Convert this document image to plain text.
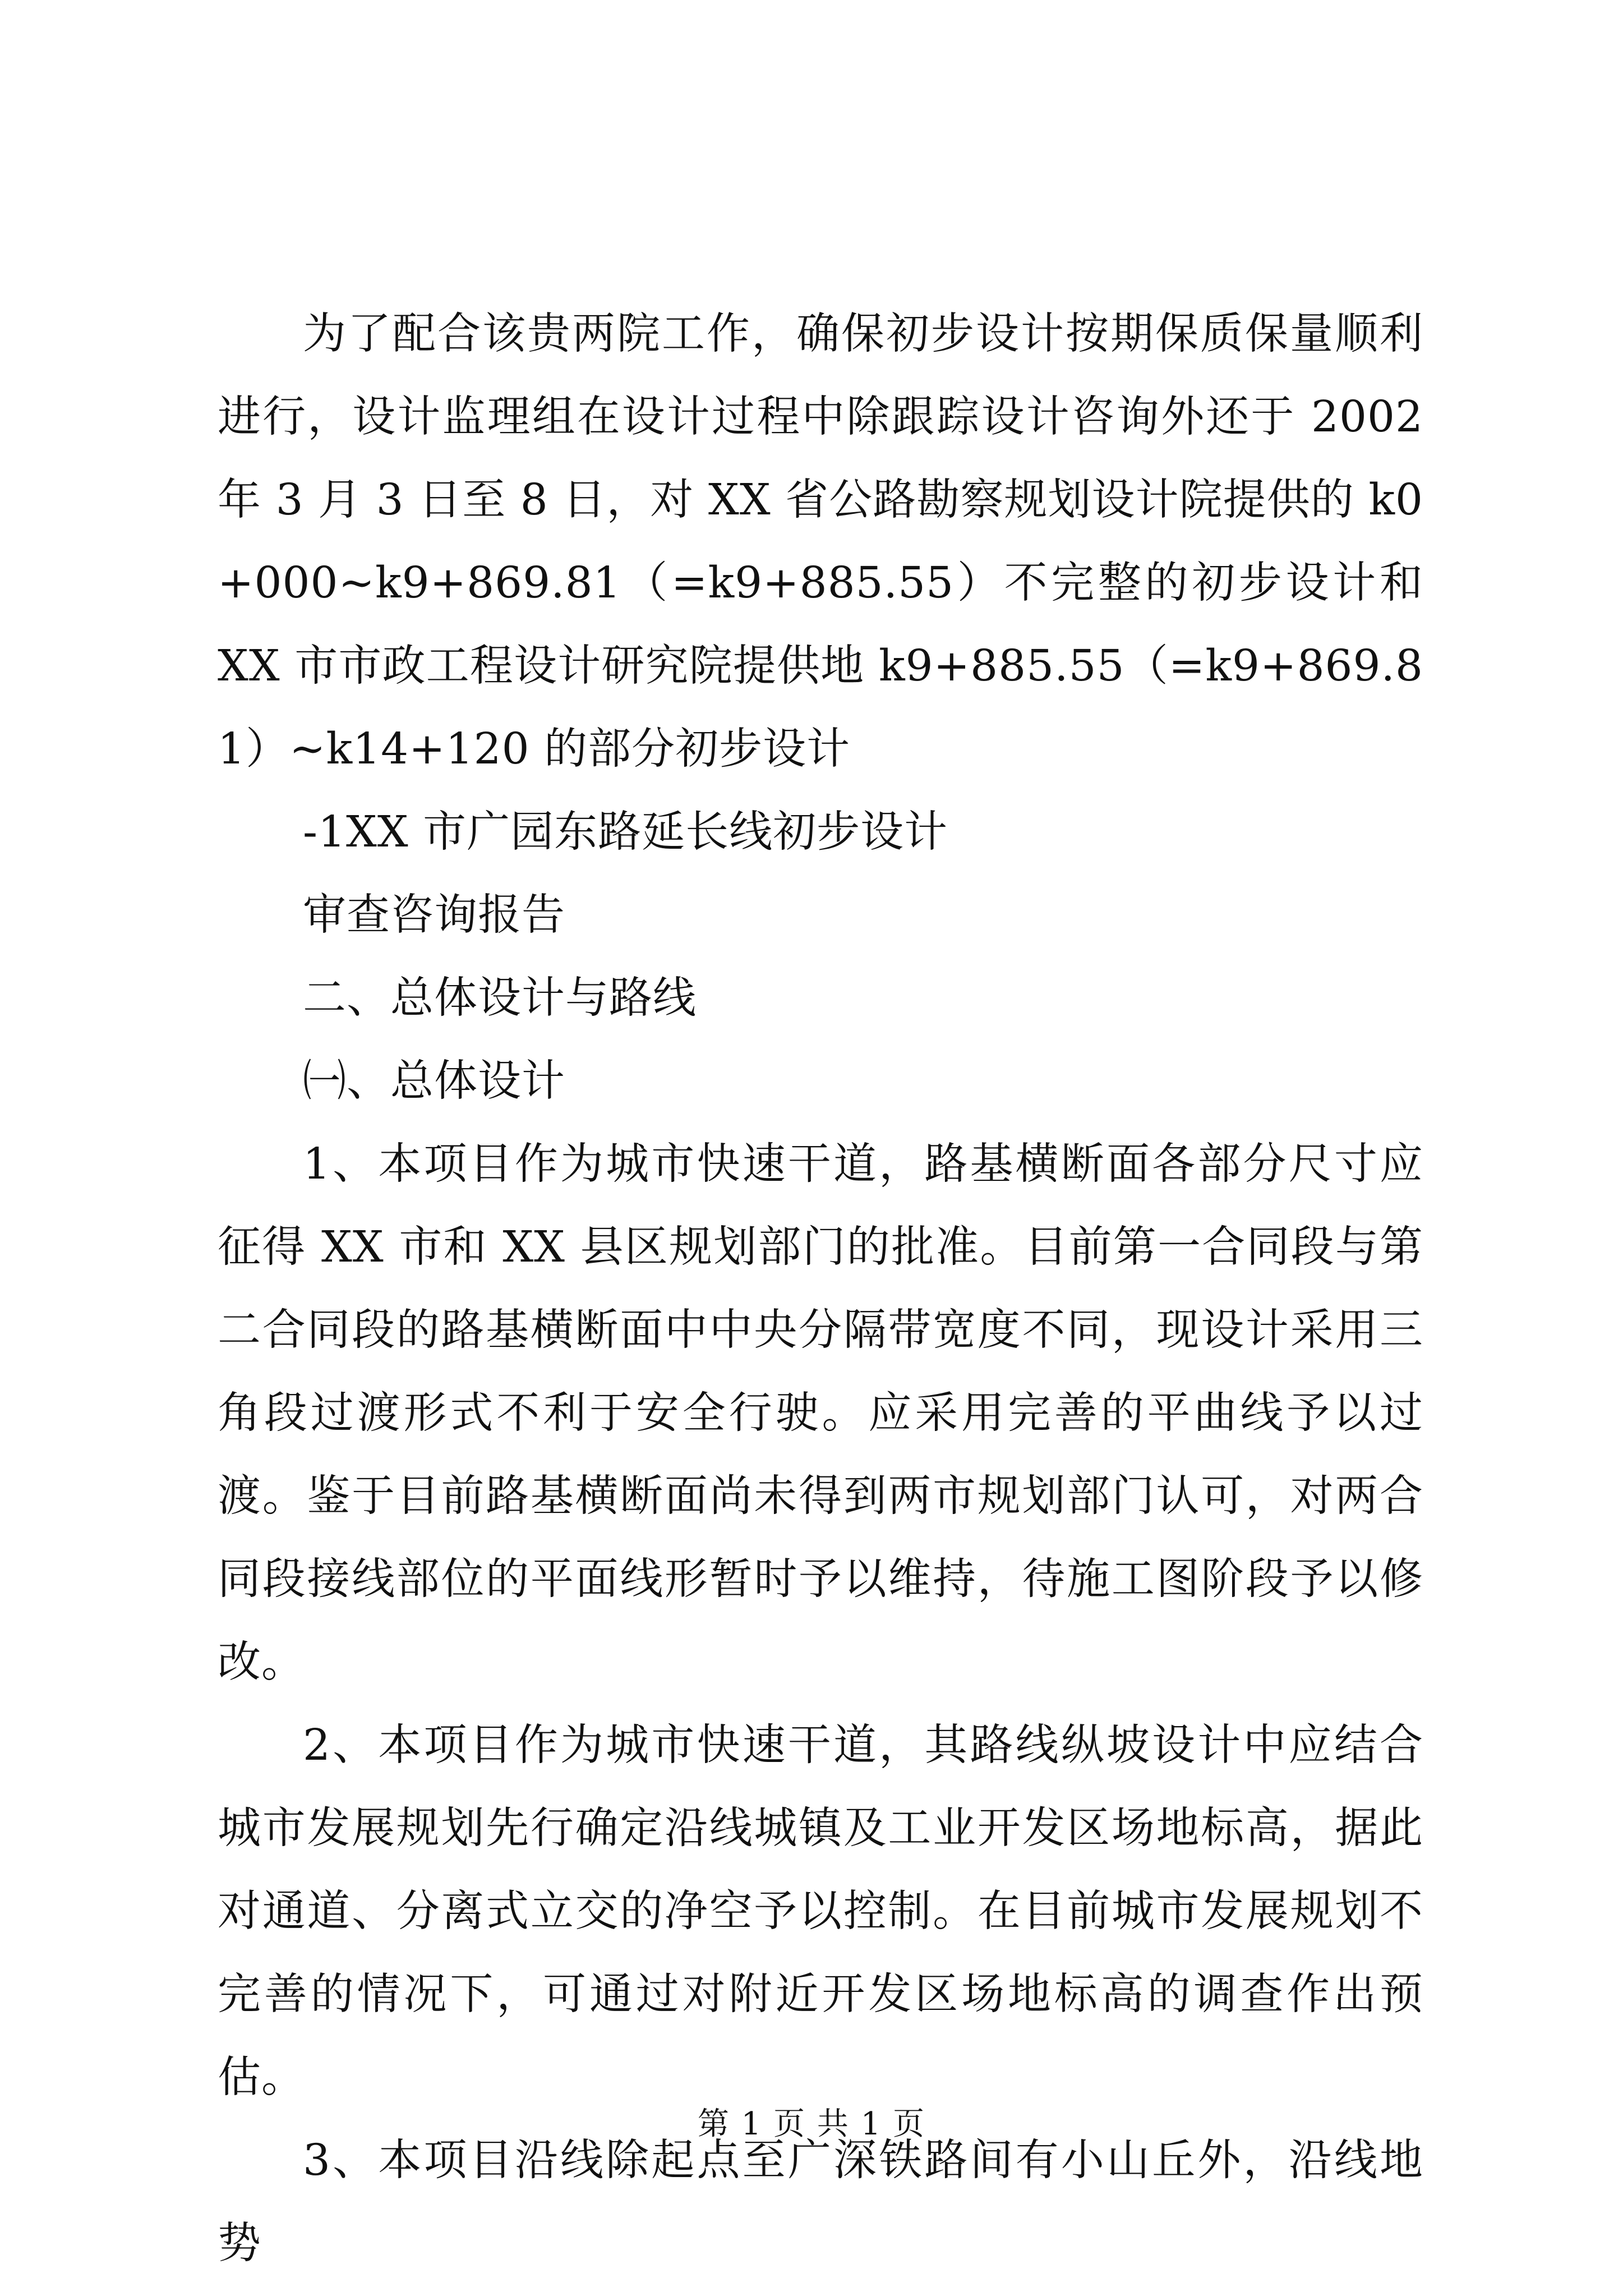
为了配合该贵两院工作，确保初步设计按期保质保量顺利进行，设计监理组在设计过程中除跟踪设计咨询外还于 2002 年 3 月 3 日至 8 日，对 XX 省公路勘察规划设计院提供的 k0+000~k9+869.81（=k9+885.55）不完整的初步设计和 XX 市市政工程设计研究院提供地 k9+885.55（=k9+869.81）~k14+120 的部分初步设计

-1XX 市广园东路延长线初步设计
审查咨询报告
二、总体设计与路线
㈠、总体设计

1、本项目作为城市快速干道，路基横断面各部分尺寸应征得 XX 市和 XX 县区规划部门的批准。目前第一合同段与第二合同段的路基横断面中中央分隔带宽度不同，现设计采用三角段过渡形式不利于安全行驶。应采用完善的平曲线予以过渡。鉴于目前路基横断面尚未得到两市规划部门认可，对两合同段接线部位的平面线形暂时予以维持，待施工图阶段予以修改。

2、本项目作为城市快速干道，其路线纵坡设计中应结合城市发展规划先行确定沿线城镇及工业开发区场地标高，据此对通道、分离式立交的净空予以控制。在目前城市发展规划不完善的情况下，可通过对附近开发区场地标高的调查作出预估。

3、本项目沿线除起点至广深铁路间有小山丘外，沿线地势

第 1 页 共 1 页
